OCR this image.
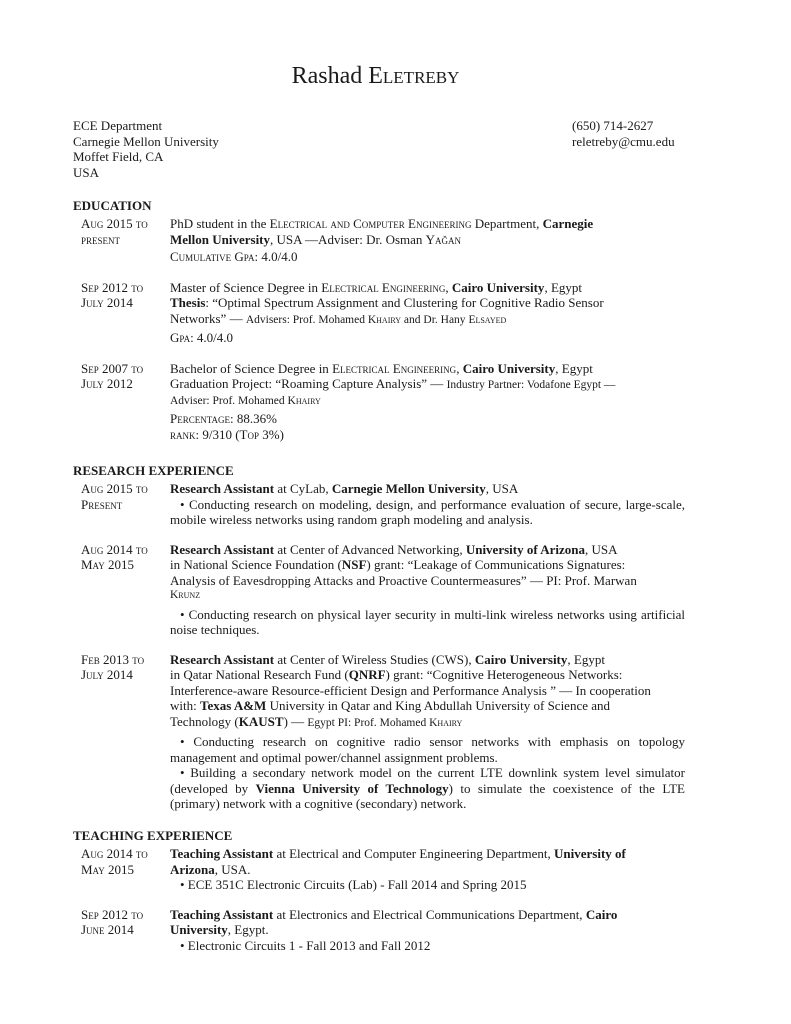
Rashad Eletreby
ECE Department
Carnegie Mellon University
Moffet Field, CA
USA
(650) 714-2627
reletreby@cmu.edu
EDUCATION
Aug 2015 to
present
PhD student in the Electrical and Computer Engineering Department, Carnegie
Mellon University, USA —Adviser: Dr. Osman Yağan
Cumulative Gpa: 4.0/4.0
Sep 2012 to
July 2014
Master of Science Degree in Electrical Engineering, Cairo University, Egypt
Thesis: “Optimal Spectrum Assignment and Clustering for Cognitive Radio Sensor
Networks” — Advisers: Prof. Mohamed Khairy and Dr. Hany Elsayed
Gpa: 4.0/4.0
Sep 2007 to
July 2012
Bachelor of Science Degree in Electrical Engineering, Cairo University, Egypt
Graduation Project: “Roaming Capture Analysis” — Industry Partner: Vodafone Egypt —
Adviser: Prof. Mohamed Khairy
Percentage: 88.36%
rank: 9/310 (Top 3%)
RESEARCH EXPERIENCE
Aug 2015 to
Present
Research Assistant at CyLab, Carnegie Mellon University, USA
• Conducting research on modeling, design, and performance evaluation of secure, large-scale, mobile wireless networks using random graph modeling and analysis.
Aug 2014 to
May 2015
Research Assistant at Center of Advanced Networking, University of Arizona, USA
in National Science Foundation (NSF) grant: “Leakage of Communications Signatures:
Analysis of Eavesdropping Attacks and Proactive Countermeasures” — PI: Prof. Marwan
Krunz
• Conducting research on physical layer security in multi-link wireless networks using artificial noise techniques.
Feb 2013 to
July 2014
Research Assistant at Center of Wireless Studies (CWS), Cairo University, Egypt
in Qatar National Research Fund (QNRF) grant: “Cognitive Heterogeneous Networks:
Interference-aware Resource-efficient Design and Performance Analysis ” — In cooperation
with: Texas A&M University in Qatar and King Abdullah University of Science and
Technology (KAUST) — Egypt PI: Prof. Mohamed Khairy
• Conducting research on cognitive radio sensor networks with emphasis on topology management and optimal power/channel assignment problems.
• Building a secondary network model on the current LTE downlink system level simulator (developed by Vienna University of Technology) to simulate the coexistence of the LTE (primary) network with a cognitive (secondary) network.
TEACHING EXPERIENCE
Aug 2014 to
May 2015
Teaching Assistant at Electrical and Computer Engineering Department, University of
Arizona, USA.
• ECE 351C Electronic Circuits (Lab) - Fall 2014 and Spring 2015
Sep 2012 to
June 2014
Teaching Assistant at Electronics and Electrical Communications Department, Cairo
University, Egypt.
• Electronic Circuits 1 - Fall 2013 and Fall 2012
